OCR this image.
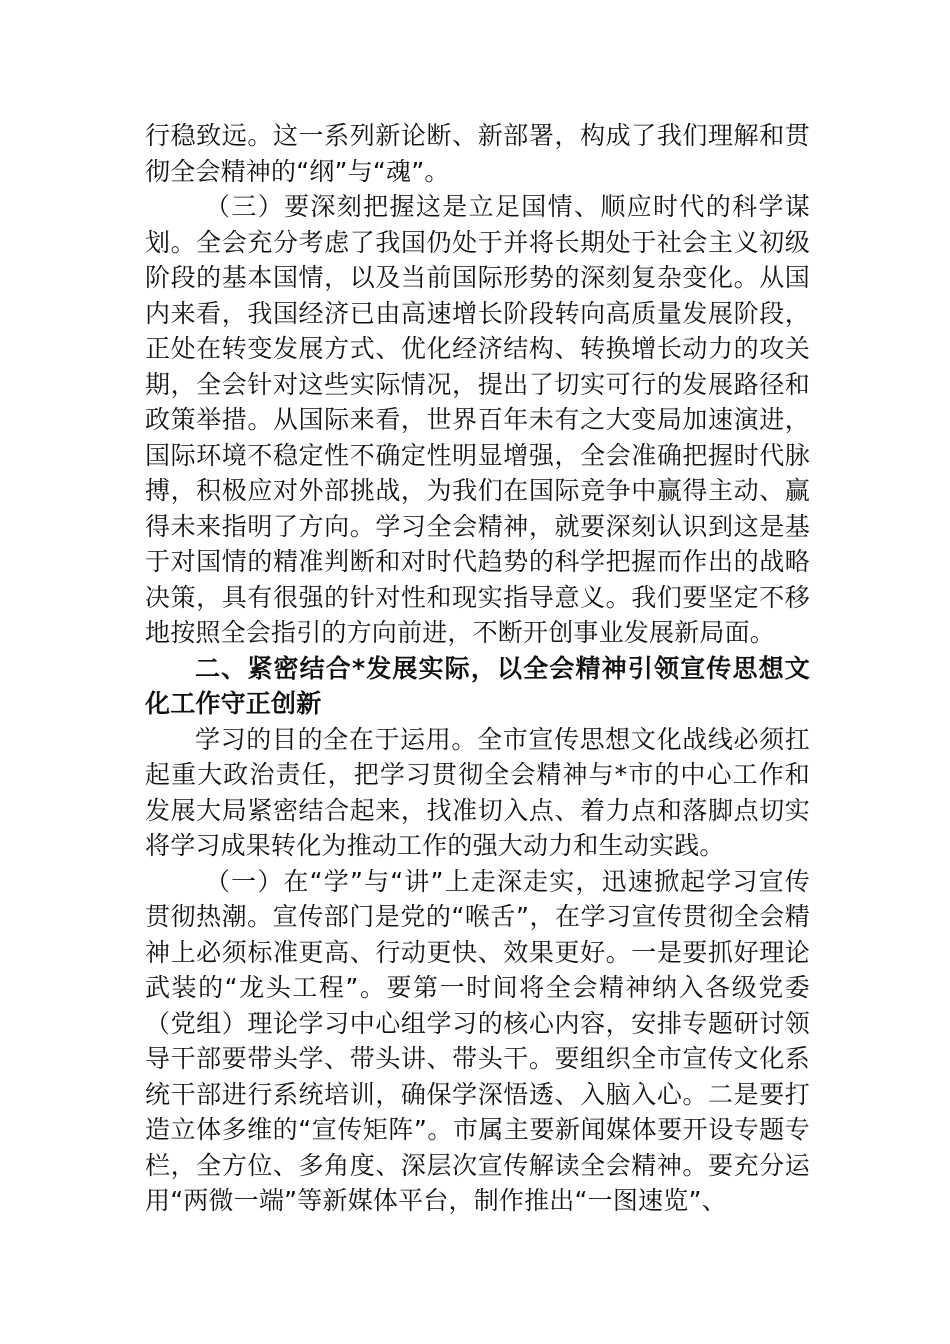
行稳致远。这一系列新论断、新部署，构成了我们理解和贯彻全会精神的“纲”与“魂”。

（三）要深刻把握这是立足国情、顺应时代的科学谋划。全会充分考虑了我国仍处于并将长期处于社会主义初级阶段的基本国情，以及当前国际形势的深刻复杂变化。从国内来看，我国经济已由高速增长阶段转向高质量发展阶段，正处在转变发展方式、优化经济结构、转换增长动力的攻关期，全会针对这些实际情况，提出了切实可行的发展路径和政策举措。从国际来看，世界百年未有之大变局加速演进，国际环境不稳定性不确定性明显增强，全会准确把握时代脉搏，积极应对外部挑战，为我们在国际竞争中赢得主动、赢得未来指明了方向。学习全会精神，就要深刻认识到这是基于对国情的精准判断和对时代趋势的科学把握而作出的战略决策，具有很强的针对性和现实指导意义。我们要坚定不移地按照全会指引的方向前进，不断开创事业发展新局面。

二、紧密结合*发展实际，以全会精神引领宣传思想文化工作守正创新

学习的目的全在于运用。全市宣传思想文化战线必须扛起重大政治责任，把学习贯彻全会精神与*市的中心工作和发展大局紧密结合起来，找准切入点、着力点和落脚点切实将学习成果转化为推动工作的强大动力和生动实践。

（一）在“学”与“讲”上走深走实，迅速掀起学习宣传贯彻热潮。宣传部门是党的“喉舌”，在学习宣传贯彻全会精神上必须标准更高、行动更快、效果更好。一是要抓好理论武装的“龙头工程”。要第一时间将全会精神纳入各级党委（党组）理论学习中心组学习的核心内容，安排专题研讨领导干部要带头学、带头讲、带头干。要组织全市宣传文化系统干部进行系统培训，确保学深悟透、入脑入心。二是要打造立体多维的“宣传矩阵”。市属主要新闻媒体要开设专题专栏，全方位、多角度、深层次宣传解读全会精神。要充分运用“两微一端”等新媒体平台，制作推出“一图速览”、
